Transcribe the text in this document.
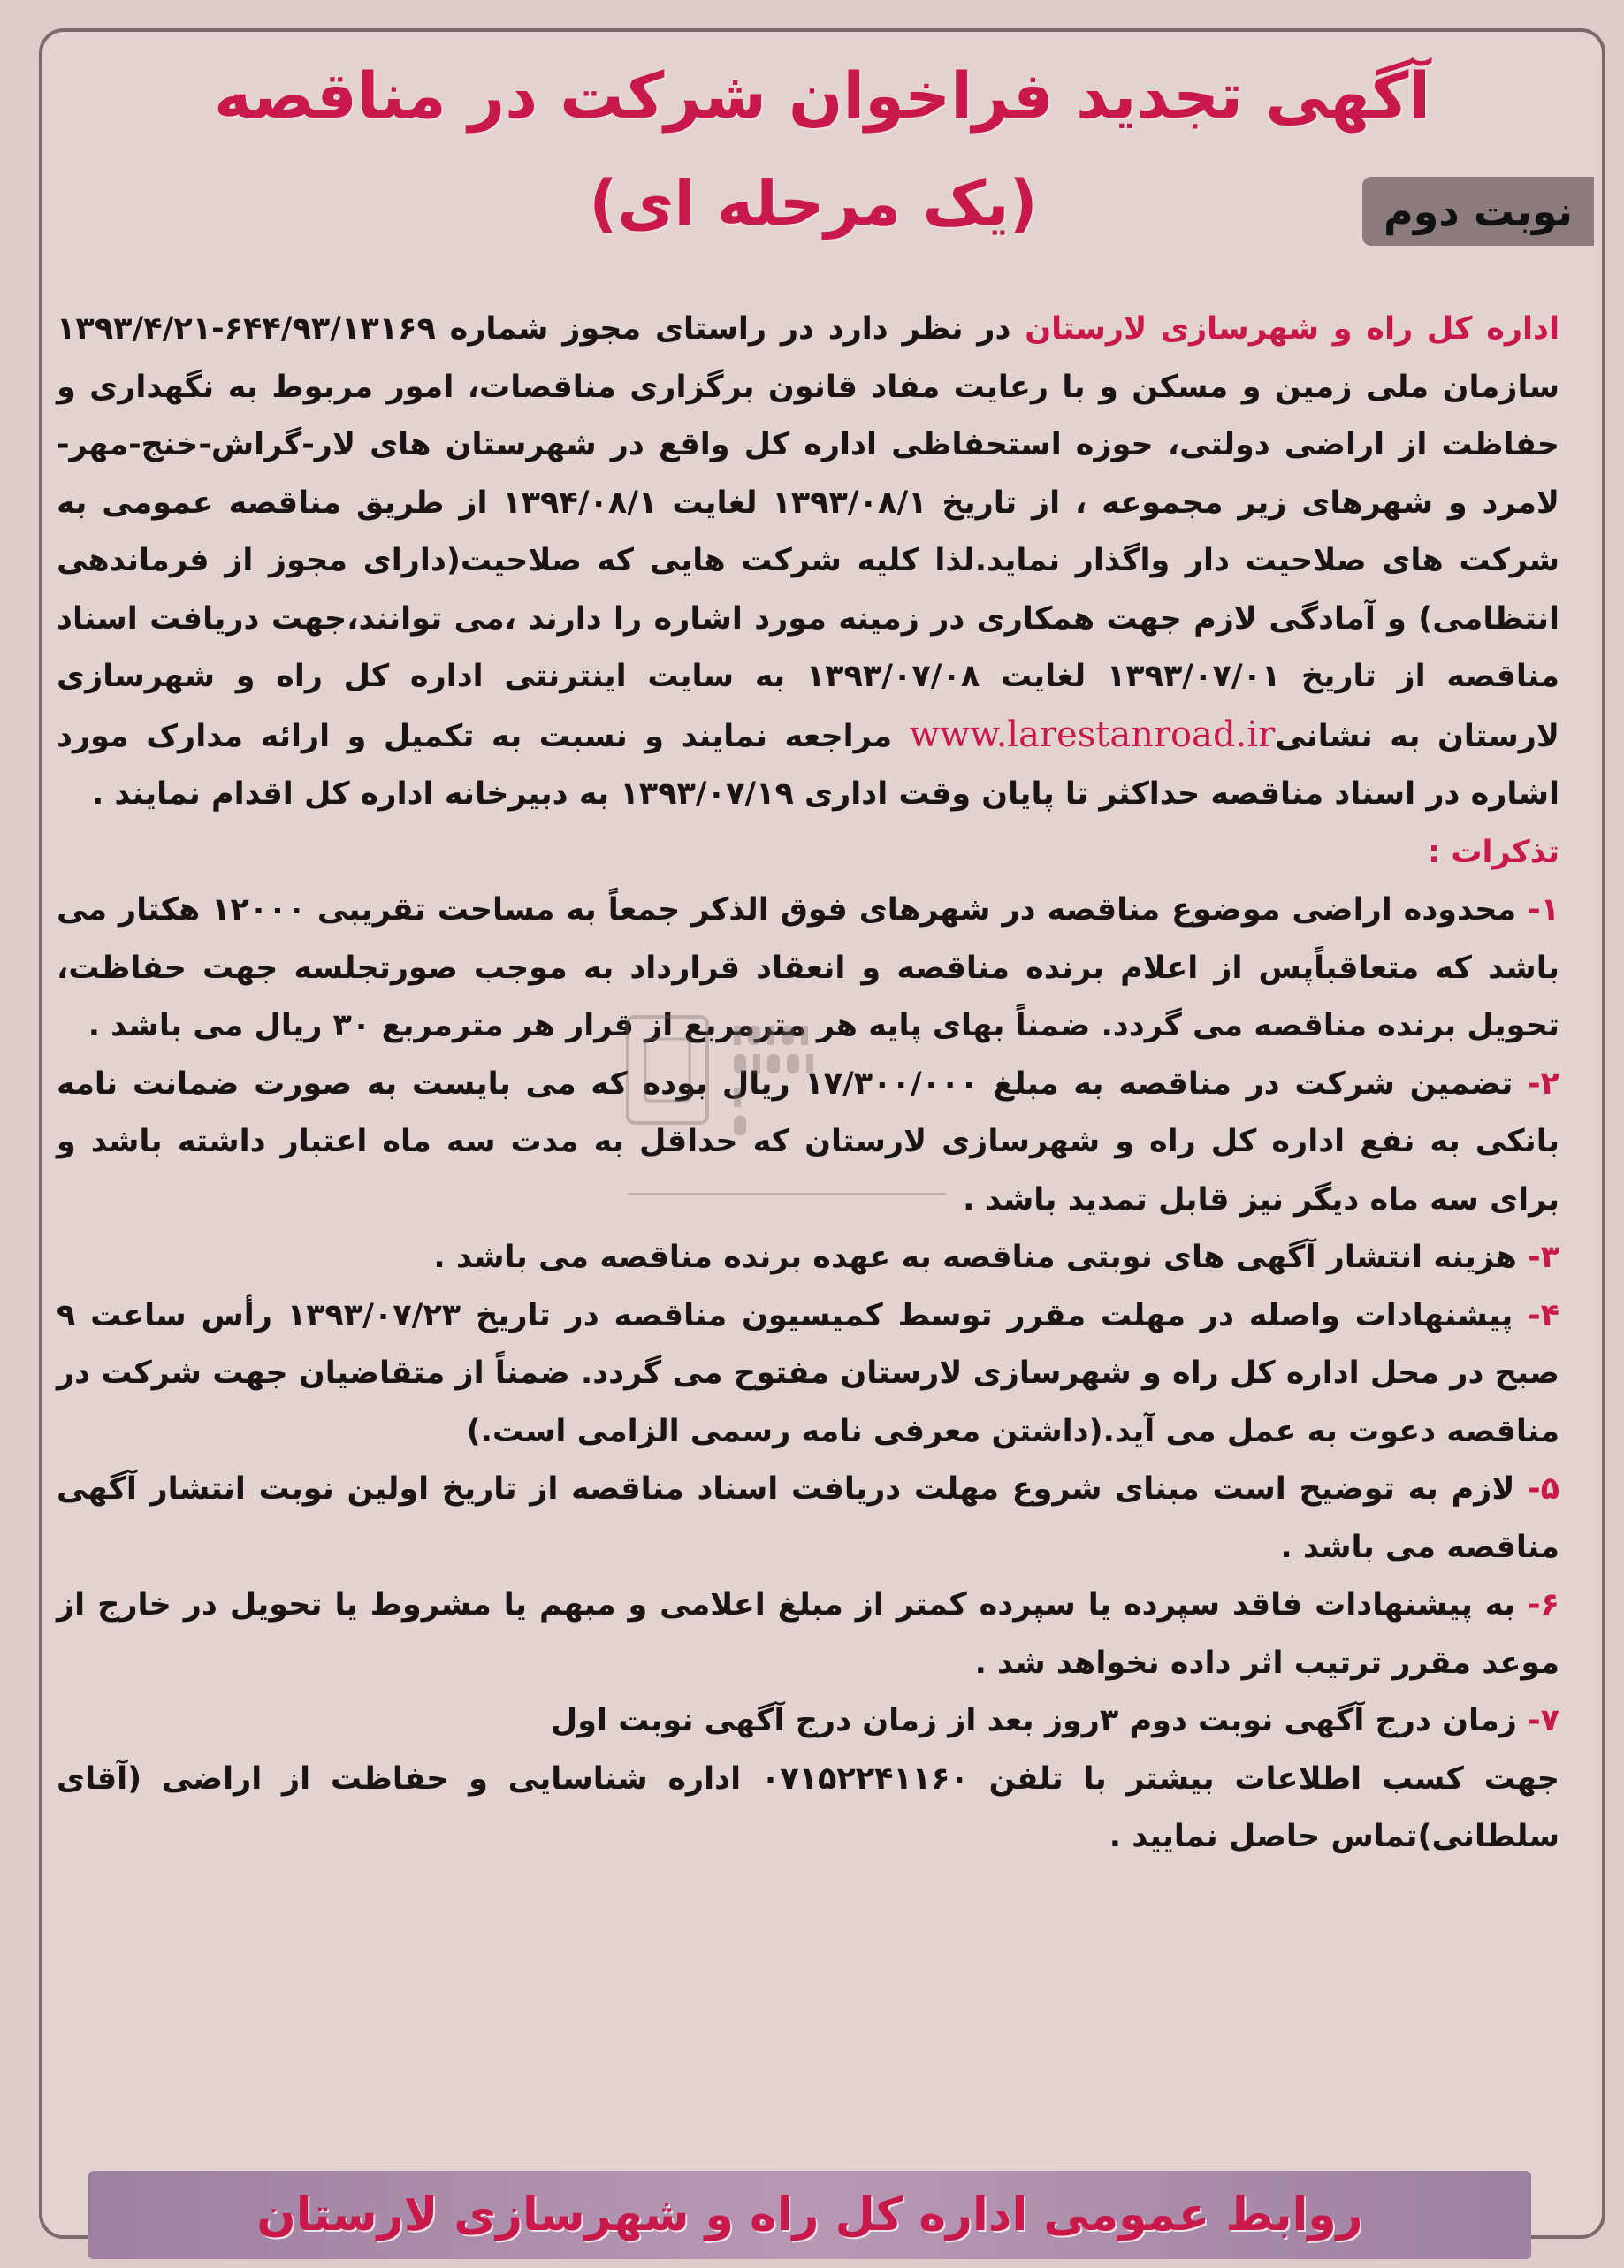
آگهی تجدید فراخوان شرکت در مناقصه
(یک مرحله ای)	نوبت دوم

اداره کل راه و شهرسازی لارستان در نظر دارد در راستای مجوز شماره ۶۴۴/۹۳/۱۳۱۶۹-۱۳۹۳/۴/۲۱ سازمان ملی زمین و مسکن و با رعایت مفاد قانون برگزاری مناقصات، امور مربوط به نگهداری و حفاظت از اراضی دولتی، حوزه استحفاظی اداره کل واقع در شهرستان های لار-گراش-خنج-مهر-لامرد و شهرهای زیر مجموعه ، از تاریخ ۱۳۹۳/۰۸/۱ لغایت ۱۳۹۴/۰۸/۱ از طریق مناقصه عمومی به شرکت های صلاحیت دار واگذار نماید.لذا کلیه شرکت هایی که صلاحیت(دارای مجوز از فرماندهی انتظامی) و آمادگی لازم جهت همکاری در زمینه مورد اشاره را دارند ،می توانند،جهت دریافت اسناد مناقصه از تاریخ ۱۳۹۳/۰۷/۰۱ لغایت ۱۳۹۳/۰۷/۰۸ به سایت اینترنتی اداره کل راه و شهرسازی لارستان به نشانیwww.larestanroad.ir مراجعه نمایند و نسبت به تکمیل و ارائه مدارک مورد اشاره در اسناد مناقصه حداکثر تا پایان وقت اداری ۱۳۹۳/۰۷/۱۹ به دبیرخانه اداره کل اقدام نمایند .

تذکرات :

۱- محدوده اراضی موضوع مناقصه در شهرهای فوق الذکر جمعاً به مساحت تقریبی ۱۲۰۰۰ هکتار می باشد که متعاقباًپس از اعلام برنده مناقصه و انعقاد قرارداد به موجب صورتجلسه جهت حفاظت، تحویل برنده مناقصه می گردد. ضمناً بهای پایه هر مترمربع از قرار هر مترمربع ۳۰ ریال می باشد .

۲- تضمین شرکت در مناقصه به مبلغ ۱۷/۳۰۰/۰۰۰ ریال بوده که می بایست به صورت ضمانت نامه بانکی به نفع اداره کل راه و شهرسازی لارستان که حداقل به مدت سه ماه اعتبار داشته باشد و برای سه ماه دیگر نیز قابل تمدید باشد .

۳- هزینه انتشار آگهی های نوبتی مناقصه به عهده برنده مناقصه می باشد .

۴- پیشنهادات واصله در مهلت مقرر توسط کمیسیون مناقصه در تاریخ ۱۳۹۳/۰۷/۲۳ رأس ساعت ۹ صبح در محل اداره کل راه و شهرسازی لارستان مفتوح می گردد. ضمناً از متقاضیان جهت شرکت در مناقصه دعوت به عمل می آید.(داشتن معرفی نامه رسمی الزامی است.)

۵- لازم به توضیح است مبنای شروع مهلت دریافت اسناد مناقصه از تاریخ اولین نوبت انتشار آگهی مناقصه می باشد .

۶- به پیشنهادات فاقد سپرده یا سپرده کمتر از مبلغ اعلامی و مبهم یا مشروط یا تحویل در خارج از موعد مقرر ترتیب اثر داده نخواهد شد .

۷- زمان درج آگهی نوبت دوم ۳روز بعد از زمان درج آگهی نوبت اول

جهت کسب اطلاعات بیشتر با تلفن ۰۷۱۵۲۲۴۱۱۶۰ اداره شناسایی و حفاظت از اراضی (آقای سلطانی)تماس حاصل نمایید .

روابط عمومی اداره کل راه و شهرسازی لارستان
